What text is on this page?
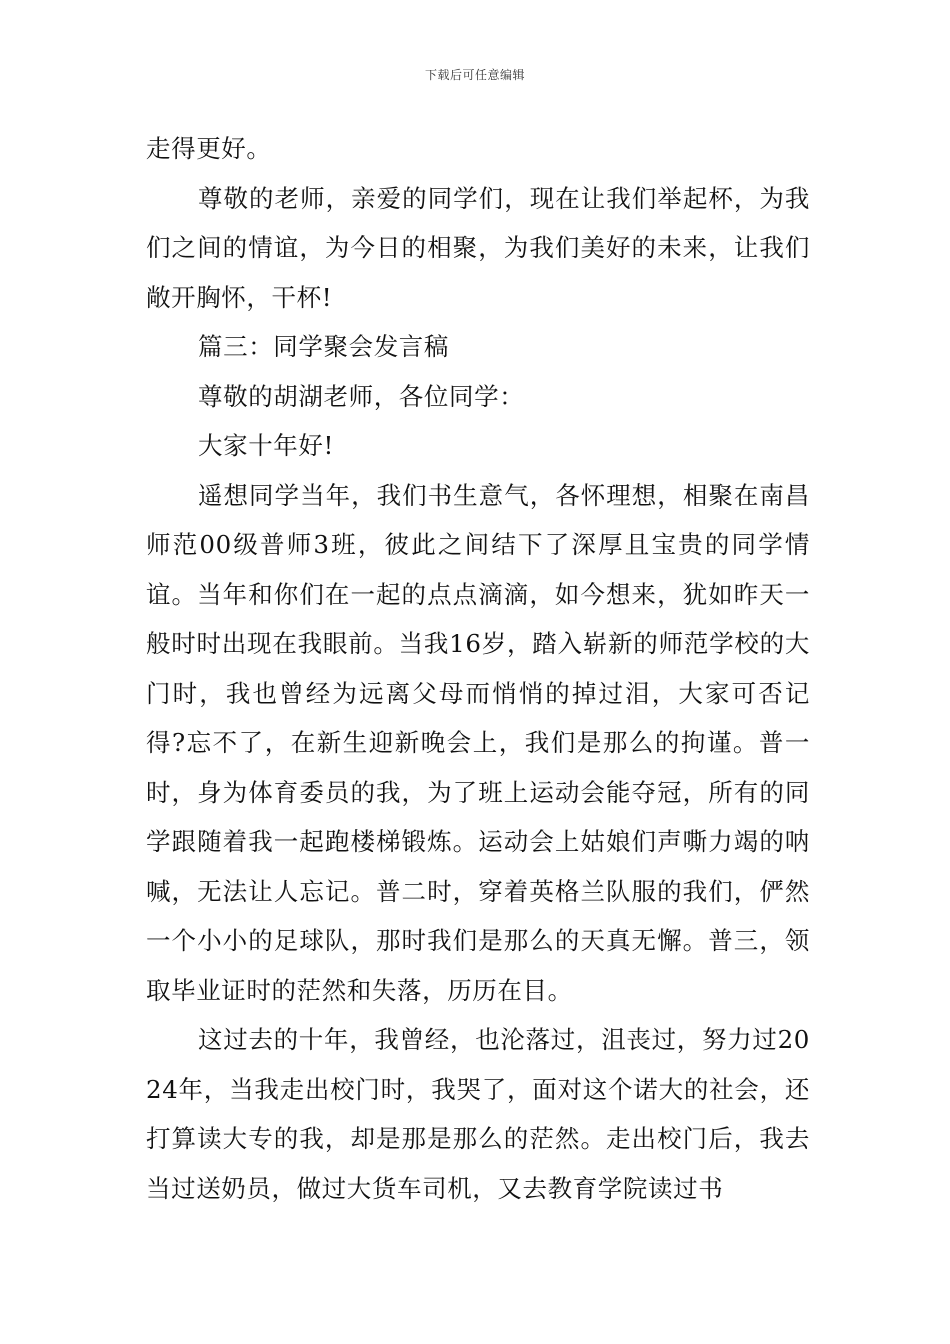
下载后可任意编辑

走得更好。

尊敬的老师，亲爱的同学们，现在让我们举起杯，为我们之间的情谊，为今日的相聚，为我们美好的未来，让我们敞开胸怀，干杯!

篇三：同学聚会发言稿

尊敬的胡湖老师，各位同学：

大家十年好!

遥想同学当年，我们书生意气，各怀理想，相聚在南昌师范00级普师3班，彼此之间结下了深厚且宝贵的同学情谊。当年和你们在一起的点点滴滴，如今想来，犹如昨天一般时时出现在我眼前。当我16岁，踏入崭新的师范学校的大门时，我也曾经为远离父母而悄悄的掉过泪，大家可否记得?忘不了，在新生迎新晚会上，我们是那么的拘谨。普一时，身为体育委员的我，为了班上运动会能夺冠，所有的同学跟随着我一起跑楼梯锻炼。运动会上姑娘们声嘶力竭的呐喊，无法让人忘记。普二时，穿着英格兰队服的我们，俨然一个小小的足球队，那时我们是那么的天真无懈。普三，领取毕业证时的茫然和失落，历历在目。

这过去的十年，我曾经，也沦落过，沮丧过，努力过2024年，当我走出校门时，我哭了，面对这个诺大的社会，还打算读大专的我，却是那是那么的茫然。走出校门后，我去当过送奶员，做过大货车司机，又去教育学院读过书
